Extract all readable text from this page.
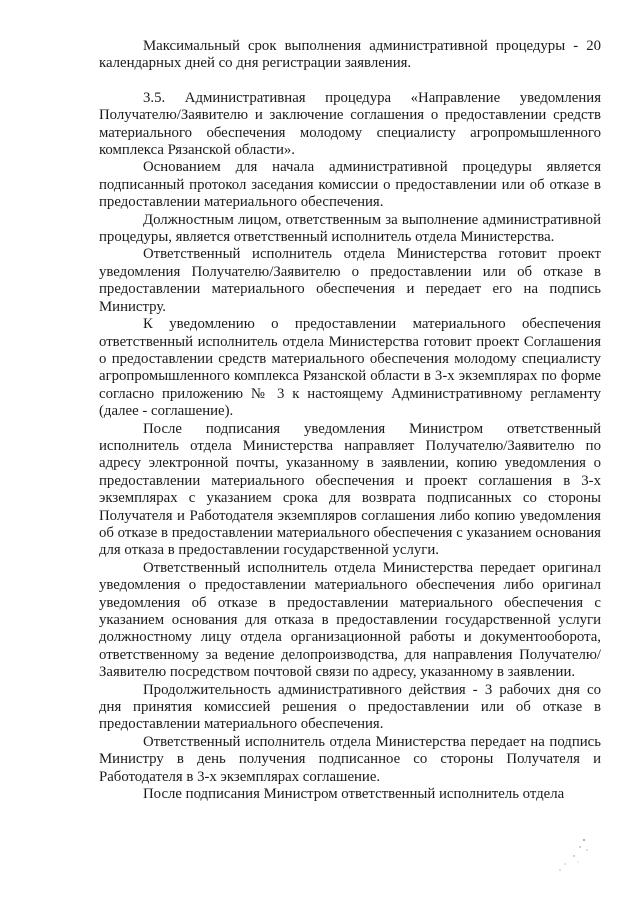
Максимальный срок выполнения административной процедуры - 20 календарных дней со дня регистрации заявления.

3.5. Административная процедура «Направление уведомления Получателю/Заявителю и заключение соглашения о предоставлении средств материального обеспечения молодому специалисту агропромышленного комплекса Рязанской области».

Основанием для начала административной процедуры является подписанный протокол заседания комиссии о предоставлении или об отказе в предоставлении материального обеспечения.

Должностным лицом, ответственным за выполнение административной процедуры, является ответственный исполнитель отдела Министерства.

Ответственный исполнитель отдела Министерства готовит проект уведомления Получателю/Заявителю о предоставлении или об отказе в предоставлении материального обеспечения и передает его на подпись Министру.

К уведомлению о предоставлении материального обеспечения ответственный исполнитель отдела Министерства готовит проект Соглашения о предоставлении средств материального обеспечения молодому специалисту агропромышленного комплекса Рязанской области в 3-х экземплярах по форме согласно приложению № 3 к настоящему Административному регламенту (далее - соглашение).

После подписания уведомления Министром ответственный исполнитель отдела Министерства направляет Получателю/Заявителю по адресу электронной почты, указанному в заявлении, копию уведомления о предоставлении материального обеспечения и проект соглашения в 3-х экземплярах с указанием срока для возврата подписанных со стороны Получателя и Работодателя экземпляров соглашения либо копию уведомления об отказе в предоставлении материального обеспечения с указанием основания для отказа в предоставлении государственной услуги.

Ответственный исполнитель отдела Министерства передает оригинал уведомления о предоставлении материального обеспечения либо оригинал уведомления об отказе в предоставлении материального обеспечения с указанием основания для отказа в предоставлении государственной услуги должностному лицу отдела организационной работы и документооборота, ответственному за ведение делопроизводства, для направления Получателю/Заявителю посредством почтовой связи по адресу, указанному в заявлении.

Продолжительность административного действия - 3 рабочих дня со дня принятия комиссией решения о предоставлении или об отказе в предоставлении материального обеспечения.

Ответственный исполнитель отдела Министерства передает на подпись Министру в день получения подписанное со стороны Получателя и Работодателя в 3-х экземплярах соглашение.

После подписания Министром ответственный исполнитель отдела
